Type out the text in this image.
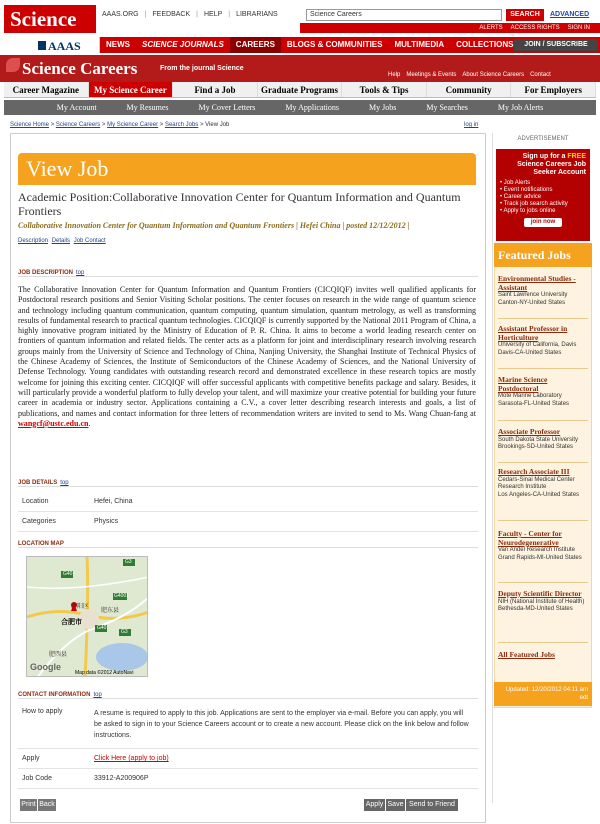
Science	AAAS.ORG | FEEDBACK | HELP | LIBRARIANS	Science Careers	SEARCH	ADVANCED
ALERTS ACCESS RIGHTS SIGN IN
AAAS	NEWS	SCIENCE JOURNALS	CAREERS	BLOGS & COMMUNITIES	MULTIMEDIA	COLLECTIONS	JOIN / SUBSCRIBE
Science Careers	From the journal Science
Help Meetings & Events About Science Careers Contact
Career Magazine	My Science Career	Find a Job	Graduate Programs	Tools & Tips	Community	For Employers
My Account	My Resumes	My Cover Letters	My Applications	My Jobs	My Searches	My Job Alerts
Science Home > Science Careers > My Science Career > Search Jobs > View Job	log in
View Job
Academic Position:Collaborative Innovation Center for Quantum Information and Quantum Frontiers
Collaborative Innovation Center for Quantum Information and Quantum Frontiers | Hefei China | posted 12/12/2012 |
Description Details Job Contact
JOB DESCRIPTION top
The Collaborative Innovation Center for Quantum Information and Quantum Frontiers (CICQIQF) invites well qualified applicants for Postdoctoral research positions and Senior Visiting Scholar positions. The center focuses on research in the wide range of quantum science and technology including quantum communication, quantum computing, quantum simulation, quantum metrology, as well as transforming results of fundamental research to practical quantum technologies. CICQIQF is currently supported by the National 2011 Program of China, a highly innovative program initiated by the Ministry of Education of P. R. China. It aims to become a world leading research center on frontiers of quantum information and related fields. The center acts as a platform for joint and interdisciplinary research involving research groups mainly from the University of Science and Technology of China, Nanjing University, the Shanghai Institute of Technical Physics of the Chinese Academy of Sciences, the Institute of Semiconductors of the Chinese Academy of Sciences, and the National University of Defense Technology. Young candidates with outstanding research record and demonstrated excellence in these research topics are mostly welcome for joining this exciting center. CICQIQF will offer successful applicants with competitive benefits package and salary. Besides, it will particularly provide a wonderful platform to fully develop your talent, and will maximize your creative potential for building your future career in academia or industry sector. Applications containing a C.V., a cover letter describing research interests and goals, a list of publications, and names and contact information for three letters of recommendation writers are invited to send to Ms. Wang Chuan-fang at wangcf@ustc.edu.cn.
JOB DETAILS top
Location	Hefei, China
Categories	Physics
LOCATION MAP
G40
G3
G4001
G40
G3
肥西县
肥东县
庐阳区
合肥市
Google
Map data ©2012 AutoNavi
CONTACT INFORMATION top
How to apply	A resume is required to apply to this job. Applications are sent to the employer via e-mail. Before you can apply, you will be asked to sign in to your Science Careers account or to create a new account. Please click on the link below and follow instructions.
Apply	Click Here (apply to job)
Job Code	33912-A200906P
Print Back	Apply Save Send to Friend
ADVERTISEMENT
Sign up for a FREE
Science Careers Job Seeker Account
• Job Alerts
• Event notifications
• Career advice
• Track job search activity
• Apply to jobs online
join now
Featured Jobs
Environmental Studies - Assistant
Saint Lawrence University
Canton-NY-United States
Assistant Professor in Horticulture
University of California, Davis
Davis-CA-United States
Marine Science Postdoctoral
Mote Marine Laboratory
Sarasota-FL-United States
Associate Professor
South Dakota State University
Brookings-SD-United States
Research Associate III
Cedars-Sinai Medical Center Research Institute
Los Angeles-CA-United States
Faculty - Center for Neurodegenerative
Van Andel Research Institute
Grand Rapids-MI-United States
Deputy Scientific Director
NIH (National Institute of Health)
Bethesda-MD-United States
All Featured Jobs
Updated: 12/20/2012 04:11 am
edt
